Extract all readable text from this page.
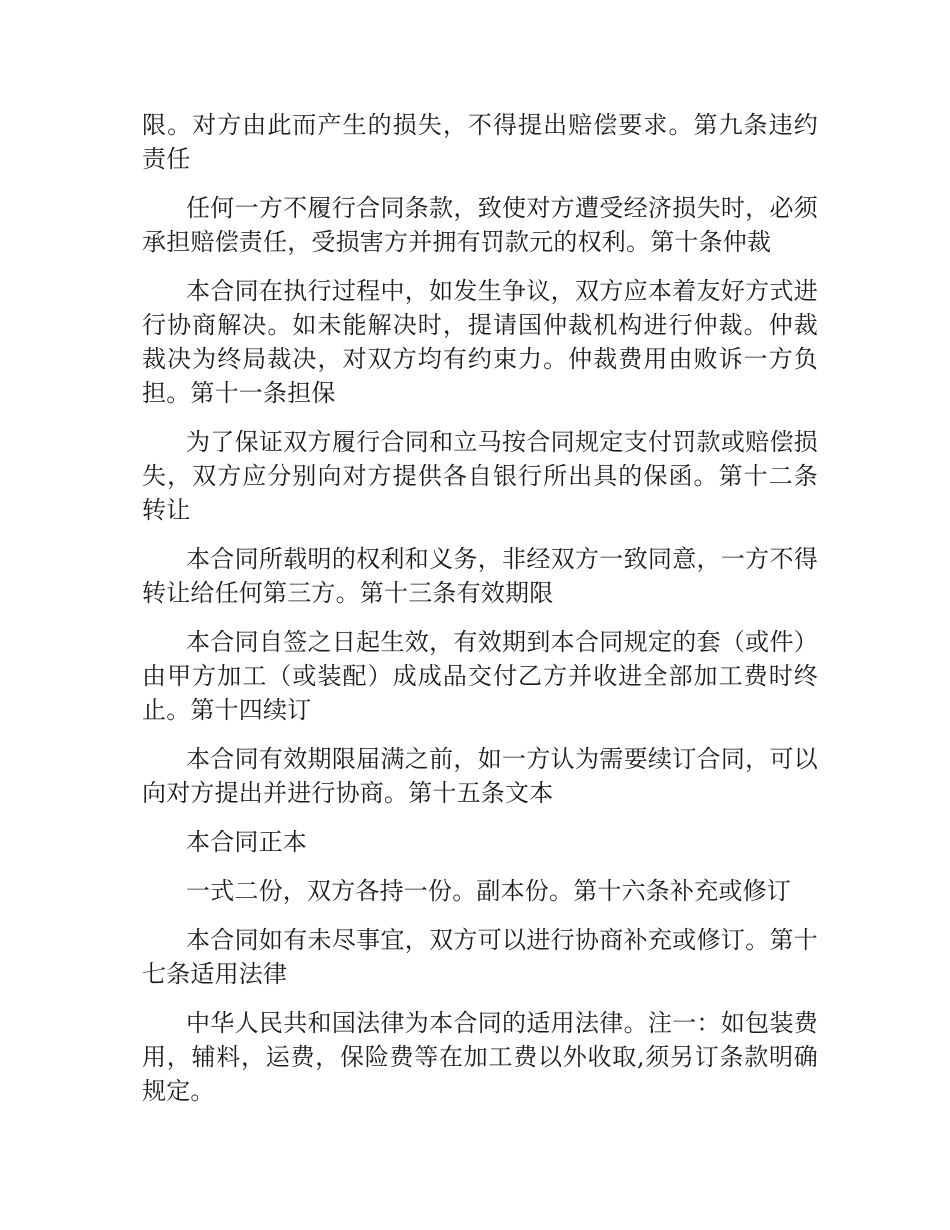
限。对方由此而产生的损失，不得提出赔偿要求。第九条违约责任

任何一方不履行合同条款，致使对方遭受经济损失时，必须承担赔偿责任，受损害方并拥有罚款元的权利。第十条仲裁

本合同在执行过程中，如发生争议，双方应本着友好方式进行协商解决。如未能解决时，提请国仲裁机构进行仲裁。仲裁裁决为终局裁决，对双方均有约束力。仲裁费用由败诉一方负担。第十一条担保

为了保证双方履行合同和立马按合同规定支付罚款或赔偿损失，双方应分别向对方提供各自银行所出具的保函。第十二条转让

本合同所载明的权利和义务，非经双方一致同意，一方不得转让给任何第三方。第十三条有效期限

本合同自签之日起生效，有效期到本合同规定的套（或件）由甲方加工（或装配）成成品交付乙方并收进全部加工费时终止。第十四续订

本合同有效期限届满之前，如一方认为需要续订合同，可以向对方提出并进行协商。第十五条文本

本合同正本

一式二份，双方各持一份。副本份。第十六条补充或修订

本合同如有未尽事宜，双方可以进行协商补充或修订。第十七条适用法律

中华人民共和国法律为本合同的适用法律。注一：如包装费用，辅料，运费，保险费等在加工费以外收取,须另订条款明确规定。
